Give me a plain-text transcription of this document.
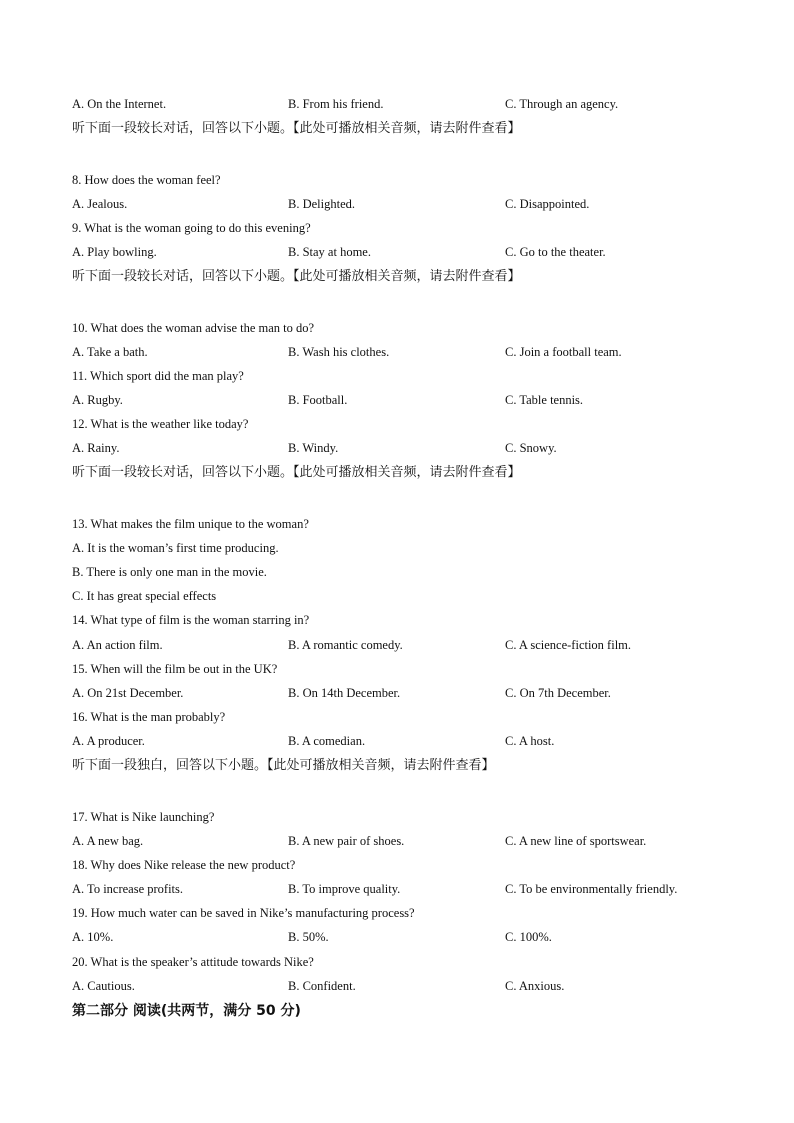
A. On the Internet.	B. From his friend.	C. Through an agency.
听下面一段较长对话，回答以下小题。【此处可播放相关音频，请去附件查看】
8. How does the woman feel?
A. Jealous.	B. Delighted.	C. Disappointed.
9. What is the woman going to do this evening?
A. Play bowling.	B. Stay at home.	C. Go to the theater.
听下面一段较长对话，回答以下小题。【此处可播放相关音频，请去附件查看】
10. What does the woman advise the man to do?
A. Take a bath.	B. Wash his clothes.	C. Join a football team.
11. Which sport did the man play?
A. Rugby.	B. Football.	C. Table tennis.
12. What is the weather like today?
A. Rainy.	B. Windy.	C. Snowy.
听下面一段较长对话，回答以下小题。【此处可播放相关音频，请去附件查看】
13. What makes the film unique to the woman?
A. It is the woman’s first time producing.
B. There is only one man in the movie.
C. It has great special effects
14. What type of film is the woman starring in?
A. An action film.	B. A romantic comedy.	C. A science-fiction film.
15. When will the film be out in the UK?
A. On 21st December.	B. On 14th December.	C. On 7th December.
16. What is the man probably?
A. A producer.	B. A comedian.	C. A host.
听下面一段独白，回答以下小题。【此处可播放相关音频，请去附件查看】
17. What is Nike launching?
A. A new bag.	B. A new pair of shoes.	C. A new line of sportswear.
18. Why does Nike release the new product?
A. To increase profits.	B. To improve quality.	C. To be environmentally friendly.
19. How much water can be saved in Nike’s manufacturing process?
A. 10%.	B. 50%.	C. 100%.
20. What is the speaker’s attitude towards Nike?
A. Cautious.	B. Confident.	C. Anxious.
第二部分 阅读(共两节，满分 50 分)
